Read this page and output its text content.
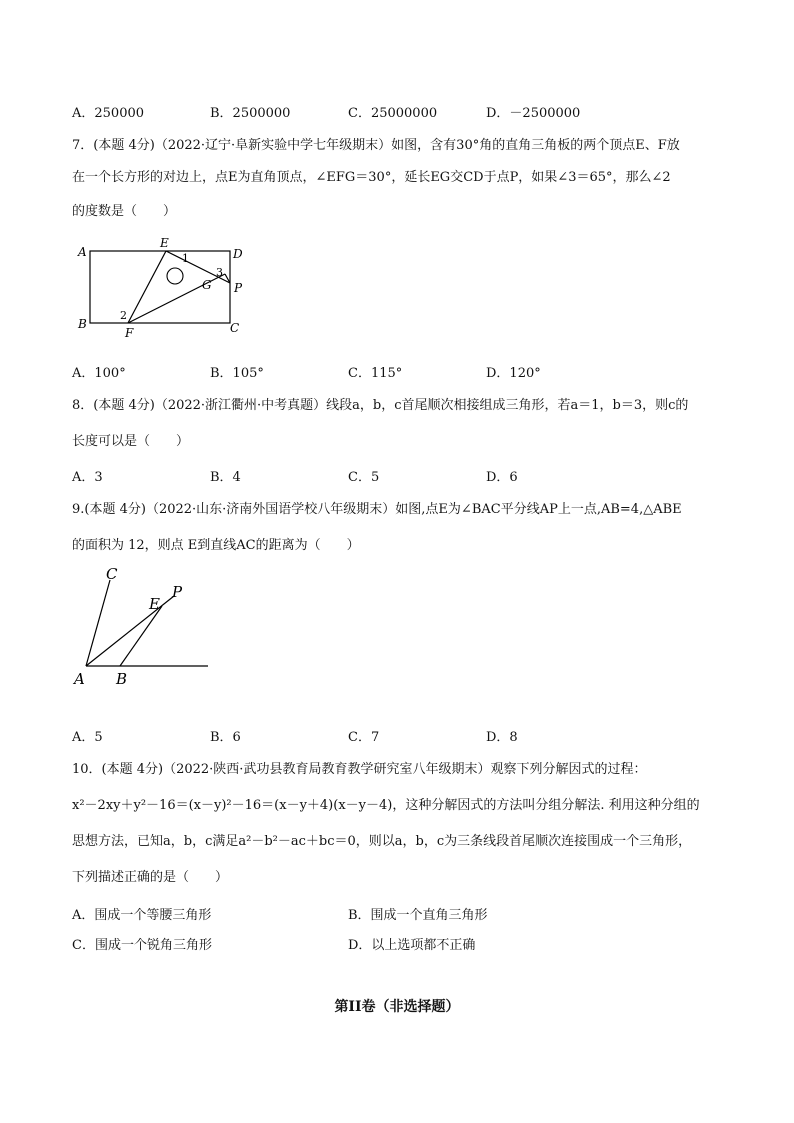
A．250000	B．2500000	C．25000000	D．－2500000
7．(本题 4分)（2022·辽宁·阜新实验中学七年级期末）如图，含有30°角的直角三角板的两个顶点E、F放
在一个长方形的对边上，点E为直角顶点，∠EFG＝30°，延长EG交CD于点P，如果∠3＝65°，那么∠2
的度数是（　　）
A
B	C
D
E
F
G P
1
2
3
A．100°	B．105°	C．115°	D．120°
8．(本题 4分)（2022·浙江衢州·中考真题）线段a，b，c首尾顺次相接组成三角形，若a＝1，b＝3，则c的
长度可以是（　　）
A．3	B．4	C．5	D．6
9.(本题 4分)（2022·山东·济南外国语学校八年级期末）如图,点E为∠BAC平分线AP上一点,AB=4,△ABE
的面积为 12，则点 E到直线AC的距离为（　　）
A B
C
E
P
A．5	B．6	C．7	D．8
10．(本题 4分)（2022·陕西·武功县教育局教育教学研究室八年级期末）观察下列分解因式的过程：
x²－2xy＋y²－16＝(x－y)²－16＝(x－y＋4)(x－y－4)，这种分解因式的方法叫分组分解法. 利用这种分组的
思想方法，已知a，b，c满足a²－b²－ac＋bc＝0，则以a，b，c为三条线段首尾顺次连接围成一个三角形，
下列描述正确的是（　　）
A．围成一个等腰三角形	B．围成一个直角三角形
C．围成一个锐角三角形	D．以上选项都不正确
第II卷（非选择题）
